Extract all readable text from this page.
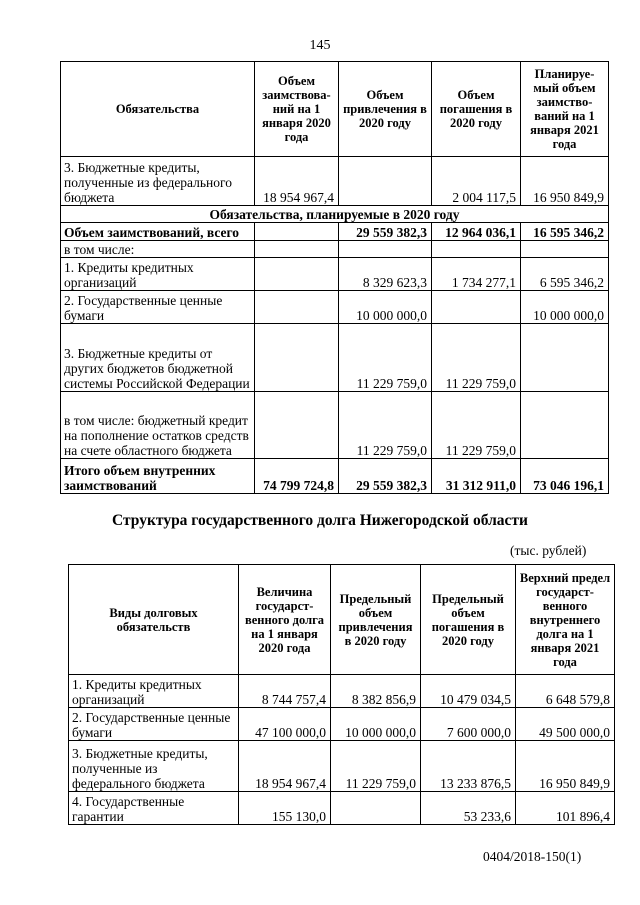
145
Обязательства	Объем заимствова-ний на 1 января 2020 года	Объем привлечения в 2020 году	Объем погашения в 2020 году	Планируе-мый объем заимство-ваний на 1 января 2021 года
3. Бюджетные кредиты, полученные из федерального бюджета	18 954 967,4		2 004 117,5	16 950 849,9
Обязательства, планируемые в 2020 году				
Объем заимствований, всего		29 559 382,3	12 964 036,1	16 595 346,2
в том числе:				
1. Кредиты кредитных организаций		8 329 623,3	1 734 277,1	6 595 346,2
2. Государственные ценные бумаги		10 000 000,0		10 000 000,0
3. Бюджетные кредиты от других бюджетов бюджетной системы Российской Федерации		11 229 759,0	11 229 759,0	
в том числе: бюджетный кредит на пополнение остатков средств на счете областного бюджета		11 229 759,0	11 229 759,0	
Итого объем внутренних заимствований	74 799 724,8	29 559 382,3	31 312 911,0	73 046 196,1
Структура государственного долга Нижегородской области
(тыс. рублей)
Виды долговых обязательств	Величина государст-венного долга на 1 января 2020 года	Предельный объем привлечения в 2020 году	Предельный объем погашения в 2020 году	Верхний предел государст-венного внутреннего долга на 1 января 2021 года
1. Кредиты кредитных организаций	8 744 757,4	8 382 856,9	10 479 034,5	6 648 579,8
2. Государственные ценные бумаги	47 100 000,0	10 000 000,0	7 600 000,0	49 500 000,0
3. Бюджетные кредиты, полученные из федерального бюджета	18 954 967,4	11 229 759,0	13 233 876,5	16 950 849,9
4. Государственные гарантии	155 130,0		53 233,6	101 896,4
0404/2018-150(1)
